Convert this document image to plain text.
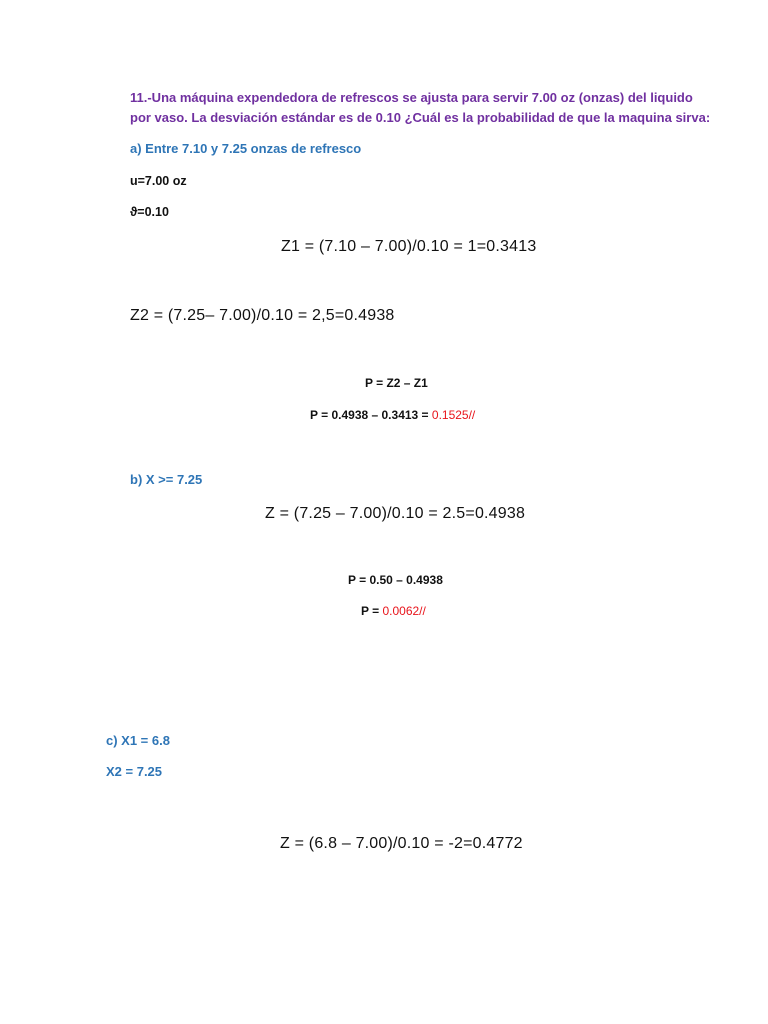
11.-Una máquina expendedora de refrescos se ajusta para servir 7.00 oz (onzas) del liquido
por vaso. La desviación estándar es de 0.10 ¿Cuál es la probabilidad de que la maquina sirva:
a) Entre 7.10 y 7.25 onzas de refresco
u=7.00 oz
ϑ=0.10
Z1 = (7.10 – 7.00)/0.10 = 1=0.3413
Z2 = (7.25– 7.00)/0.10 = 2,5=0.4938
P = Z2 – Z1
P = 0.4938 – 0.3413 = 0.1525//
b) X >= 7.25
Z = (7.25 – 7.00)/0.10 = 2.5=0.4938
P = 0.50 – 0.4938
P = 0.0062//
c) X1 = 6.8
X2 = 7.25
Z = (6.8 – 7.00)/0.10 = -2=0.4772
